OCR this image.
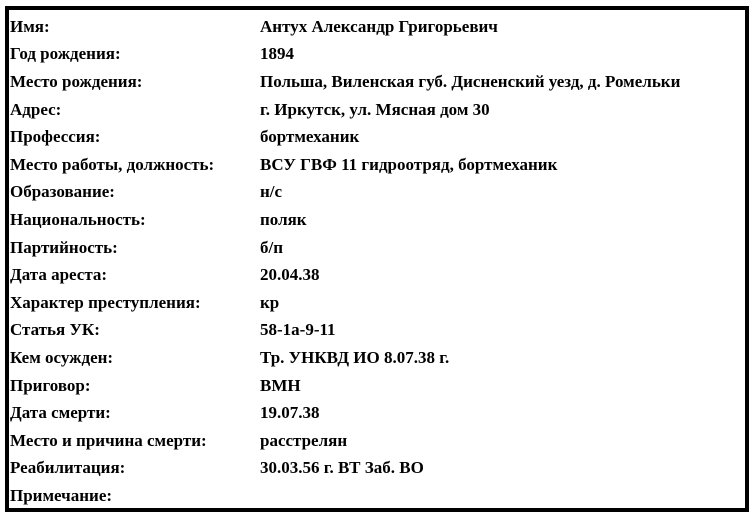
Имя:	Антух Александр Григорьевич
Год рождения:	1894
Место рождения:	Польша, Виленская губ. Дисненский уезд, д. Ромельки
Адрес:	г. Иркутск, ул. Мясная дом 30
Профессия:	бортмеханик
Место работы, должность:	ВСУ ГВФ 11 гидроотряд, бортмеханик
Образование:	н/с
Национальность:	поляк
Партийность:	б/п
Дата ареста:	20.04.38
Характер преступления:	кр
Статья УК:	58-1а-9-11
Кем осужден:	Тр. УНКВД ИО 8.07.38 г.
Приговор:	ВМН
Дата смерти:	19.07.38
Место и причина смерти:	расстрелян
Реабилитация:	30.03.56 г. ВТ Заб. ВО
Примечание:	
